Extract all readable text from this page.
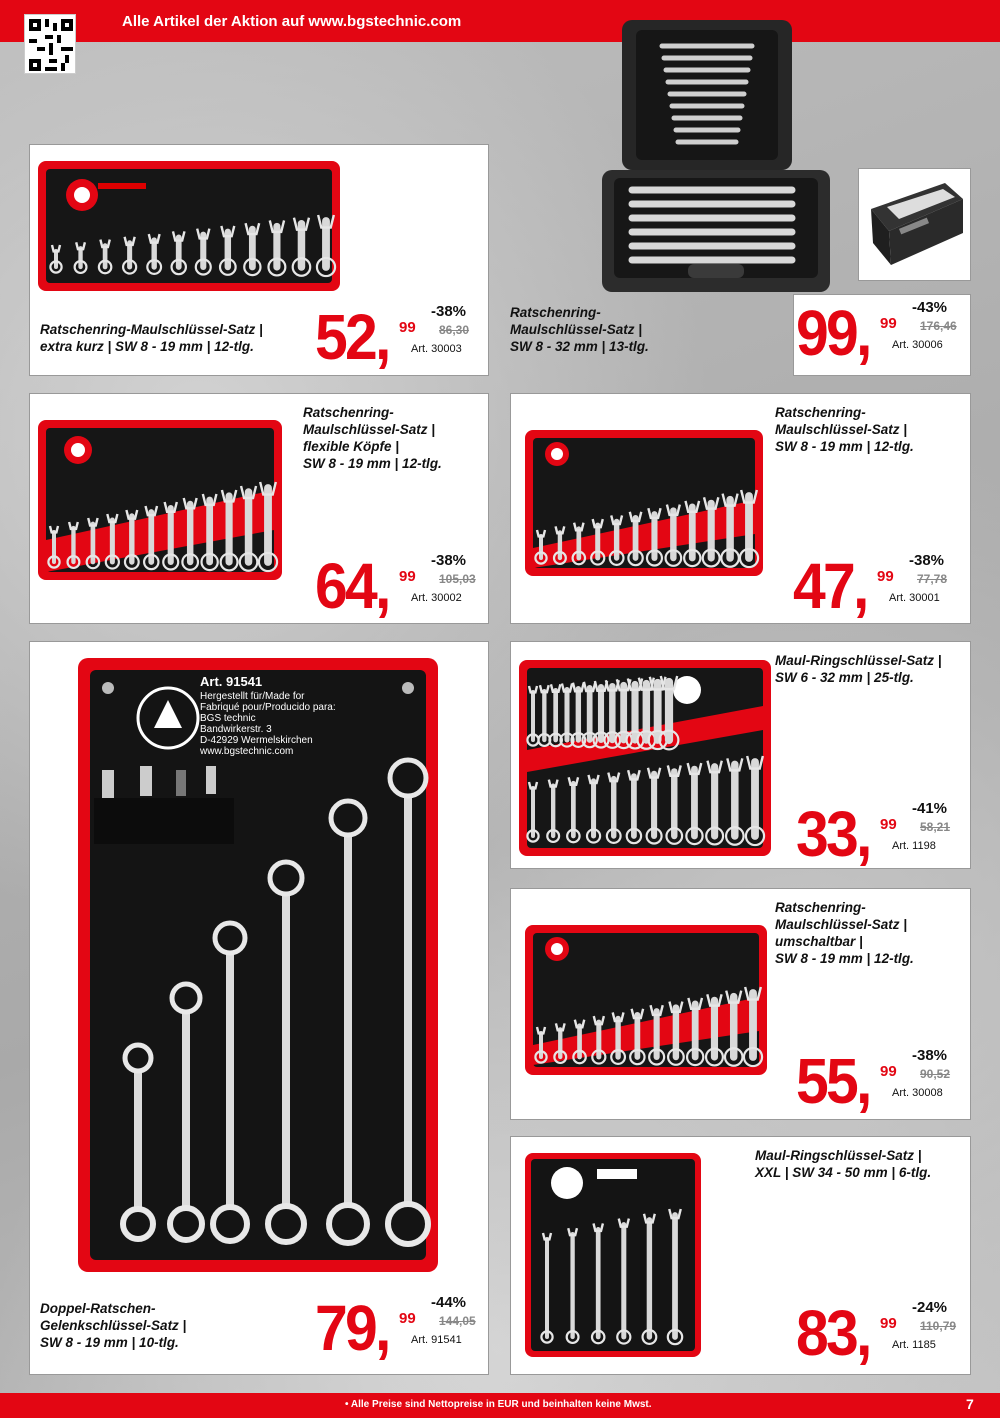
Alle Artikel der Aktion auf www.bgstechnic.com
Ratschenring-Maulschlüssel-Satz |
extra kurz | SW 8 - 19 mm | 12-tlg. 52, 99
-38%
86,30
Art. 30003
Ratschenring-
Maulschlüssel-Satz |
SW 8 - 32 mm | 13-tlg.	99, 99
-43%
176,46
Art. 30006
Ratschenring-
Maulschlüssel-Satz |
flexible Köpfe |
SW 8 - 19 mm | 12-tlg.
64, 99
-38%
105,03
Art. 30002
Ratschenring-
Maulschlüssel-Satz |
SW 8 - 19 mm | 12-tlg.
47, 99
-38%
77,78
Art. 30001
Art. 91541
Hergestellt für/Made for
Fabriqué pour/Producido para:
BGS technic
Bandwirkerstr. 3
D-42929 Wermelskirchen
www.bgstechnic.com
Doppel-Ratschen-
Gelenkschlüssel-Satz |
SW 8 - 19 mm | 10-tlg.	79, 99
-44%
144,05
Art. 91541
Maul-Ringschlüssel-Satz |
SW 6 - 32 mm | 25-tlg.
33, 99
-41%
58,21
Art. 1198
Ratschenring-
Maulschlüssel-Satz |
umschaltbar |
SW 8 - 19 mm | 12-tlg.
55, 99
-38%
90,52
Art. 30008
Maul-Ringschlüssel-Satz |
XXL | SW 34 - 50 mm | 6-tlg.
83, 99
-24%
110,79
Art. 1185
• Alle Preise sind Nettopreise in EUR und beinhalten keine Mwst.	7
